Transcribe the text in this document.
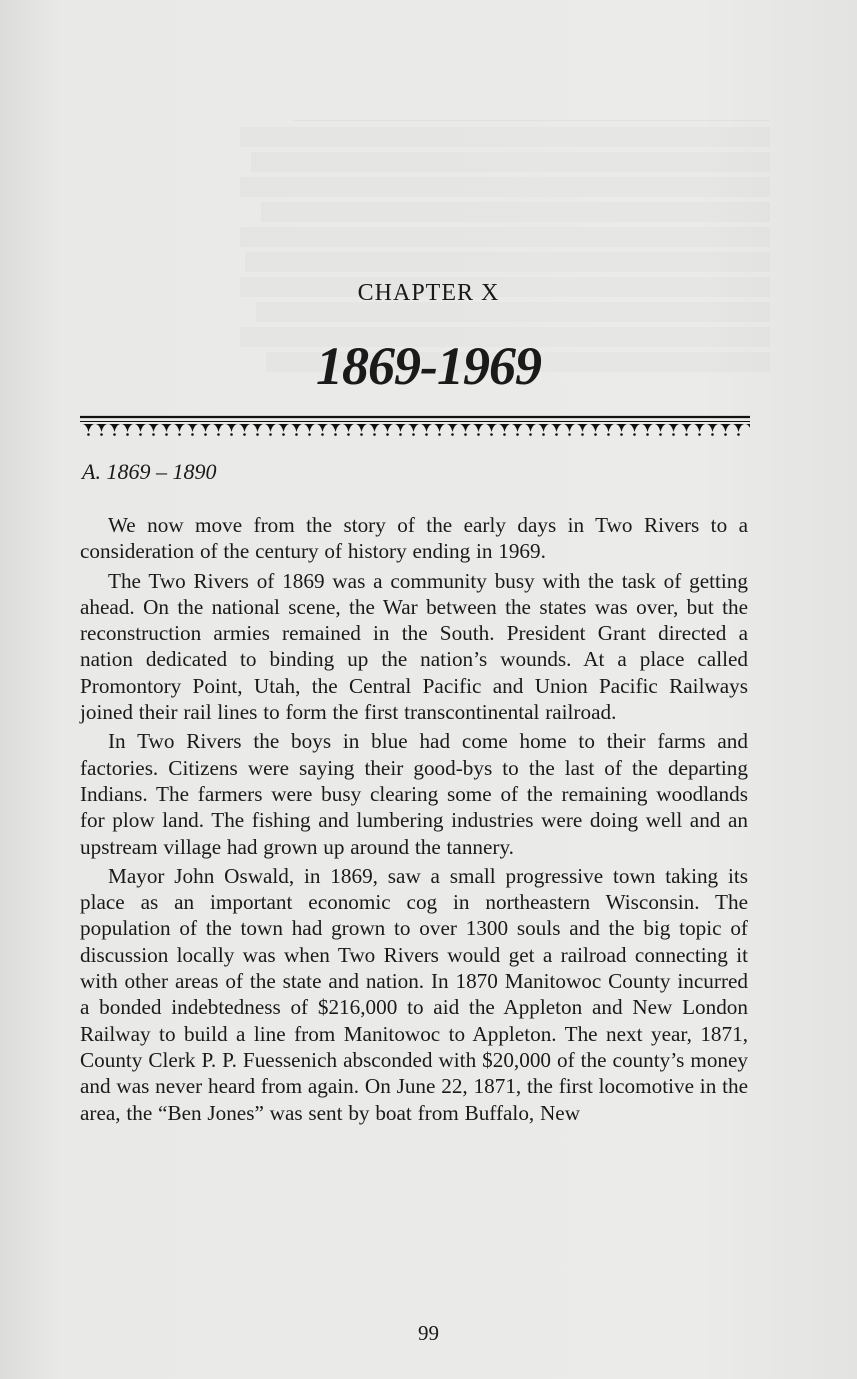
CHAPTER X
1869-1969
A. 1869 – 1890

We now move from the story of the early days in Two Rivers to a consideration of the century of history ending in 1969.

The Two Rivers of 1869 was a community busy with the task of getting ahead. On the national scene, the War between the states was over, but the reconstruction armies remained in the South. President Grant directed a nation dedicated to binding up the nation’s wounds. At a place called Promontory Point, Utah, the Central Pacific and Union Pacific Railways joined their rail lines to form the first transcontinental railroad.

In Two Rivers the boys in blue had come home to their farms and factories. Citizens were saying their good-bys to the last of the departing Indians. The farmers were busy clearing some of the remaining woodlands for plow land. The fishing and lumbering industries were doing well and an upstream village had grown up around the tannery.

Mayor John Oswald, in 1869, saw a small progressive town taking its place as an important economic cog in northeastern Wisconsin. The population of the town had grown to over 1300 souls and the big topic of discussion locally was when Two Rivers would get a railroad connecting it with other areas of the state and nation. In 1870 Manitowoc County incurred a bonded indebtedness of $216,000 to aid the Appleton and New London Railway to build a line from Manitowoc to Appleton. The next year, 1871, County Clerk P. P. Fuessenich absconded with $20,000 of the county’s money and was never heard from again. On June 22, 1871, the first locomotive in the area, the “Ben Jones” was sent by boat from Buffalo, New

99
